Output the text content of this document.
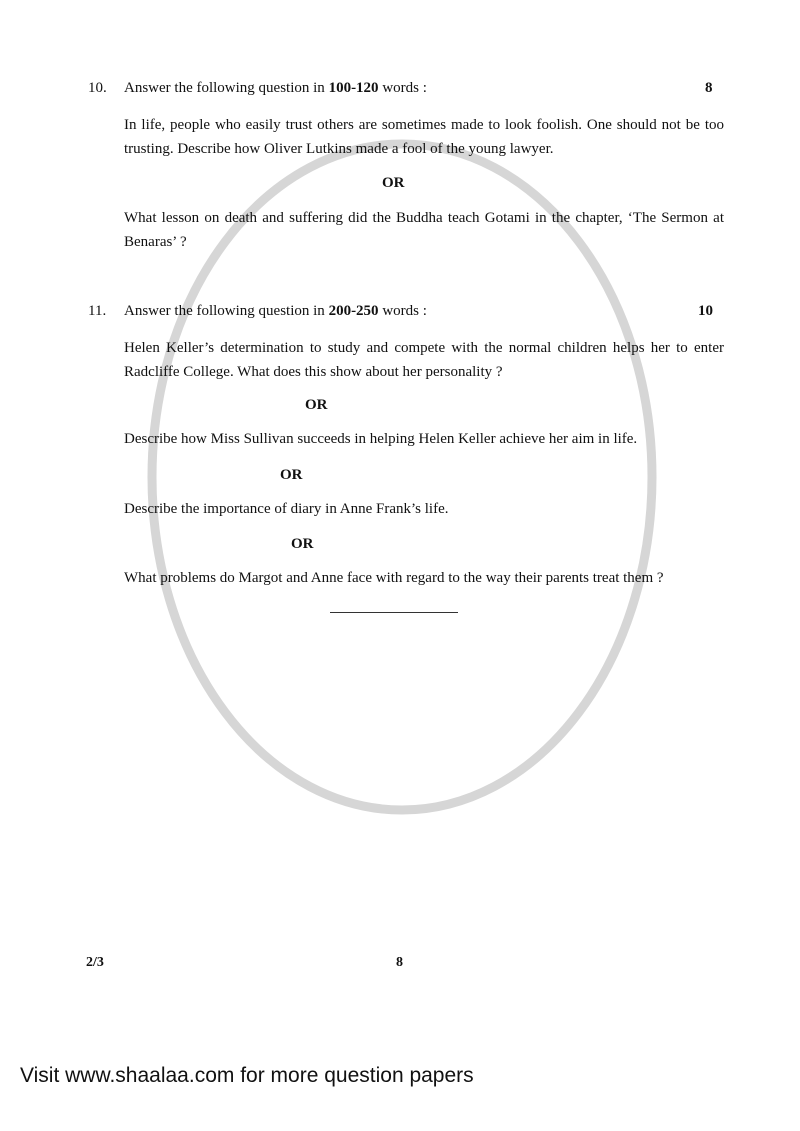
10. Answer the following question in 100-120 words :	8
In life, people who easily trust others are sometimes made to look foolish. One should not be too trusting. Describe how Oliver Lutkins made a fool of the young lawyer.
OR
What lesson on death and suffering did the Buddha teach Gotami in the chapter, ‘The Sermon at Benaras’ ?
11. Answer the following question in 200-250 words :	10
Helen Keller’s determination to study and compete with the normal children helps her to enter Radcliffe College. What does this show about her personality ?
OR
Describe how Miss Sullivan succeeds in helping Helen Keller achieve her aim in life.
OR
Describe the importance of diary in Anne Frank’s life.
OR
What problems do Margot and Anne face with regard to the way their parents treat them ?
2/3	8
Visit www.shaalaa.com for more question papers
